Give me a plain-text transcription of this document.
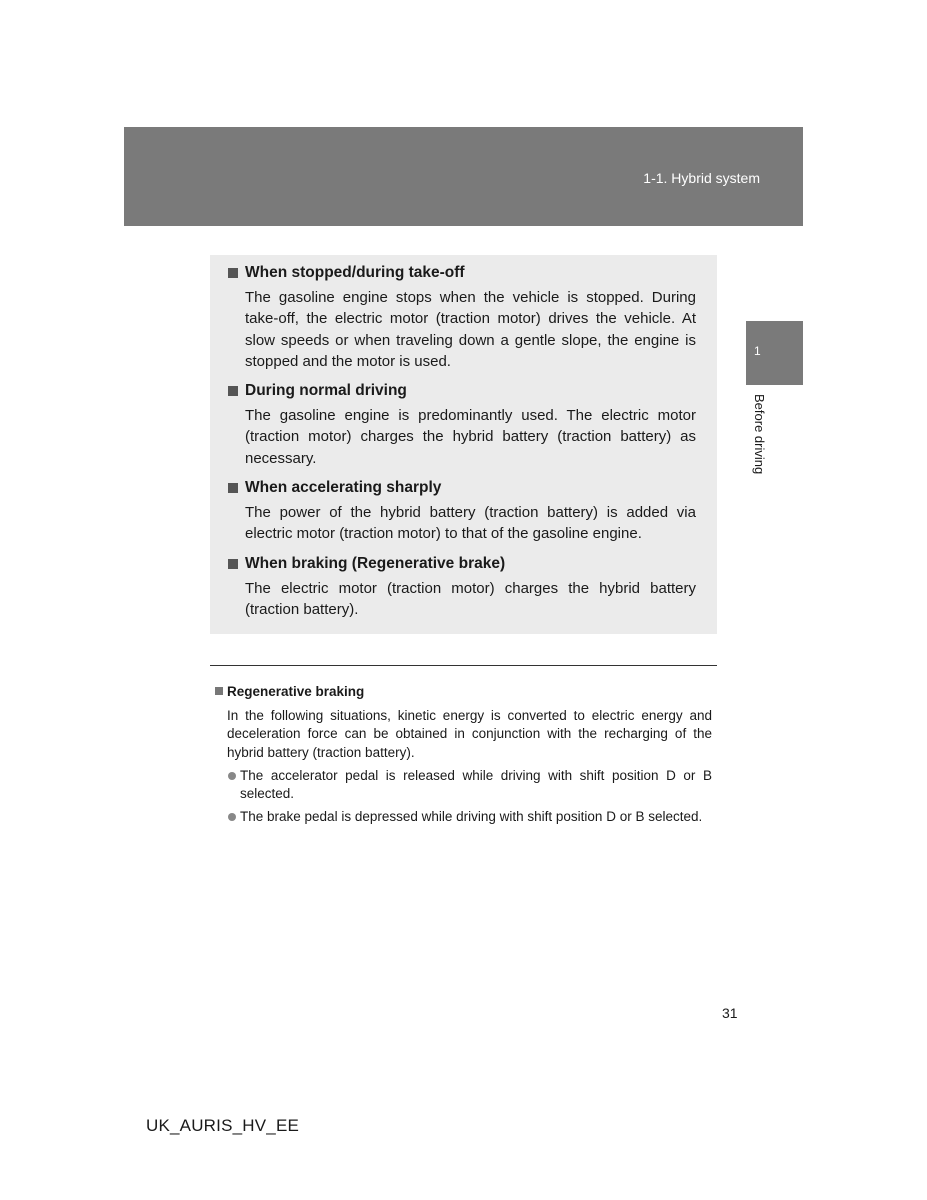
1-1. Hybrid system
1
Before driving
When stopped/during take-off
The gasoline engine stops when the vehicle is stopped. During take-off, the electric motor (traction motor) drives the vehicle. At slow speeds or when traveling down a gentle slope, the engine is stopped and the motor is used.
During normal driving
The gasoline engine is predominantly used. The electric motor (traction motor) charges the hybrid battery (traction battery) as necessary.
When accelerating sharply
The power of the hybrid battery (traction battery) is added via electric motor (traction motor) to that of the gasoline engine.
When braking (Regenerative brake)
The electric motor (traction motor) charges the hybrid battery (traction battery).
Regenerative braking
In the following situations, kinetic energy is converted to electric energy and deceleration force can be obtained in conjunction with the recharging of the hybrid battery (traction battery).
The accelerator pedal is released while driving with shift position D or B selected.
The brake pedal is depressed while driving with shift position D or B selected.
31
UK_AURIS_HV_EE
